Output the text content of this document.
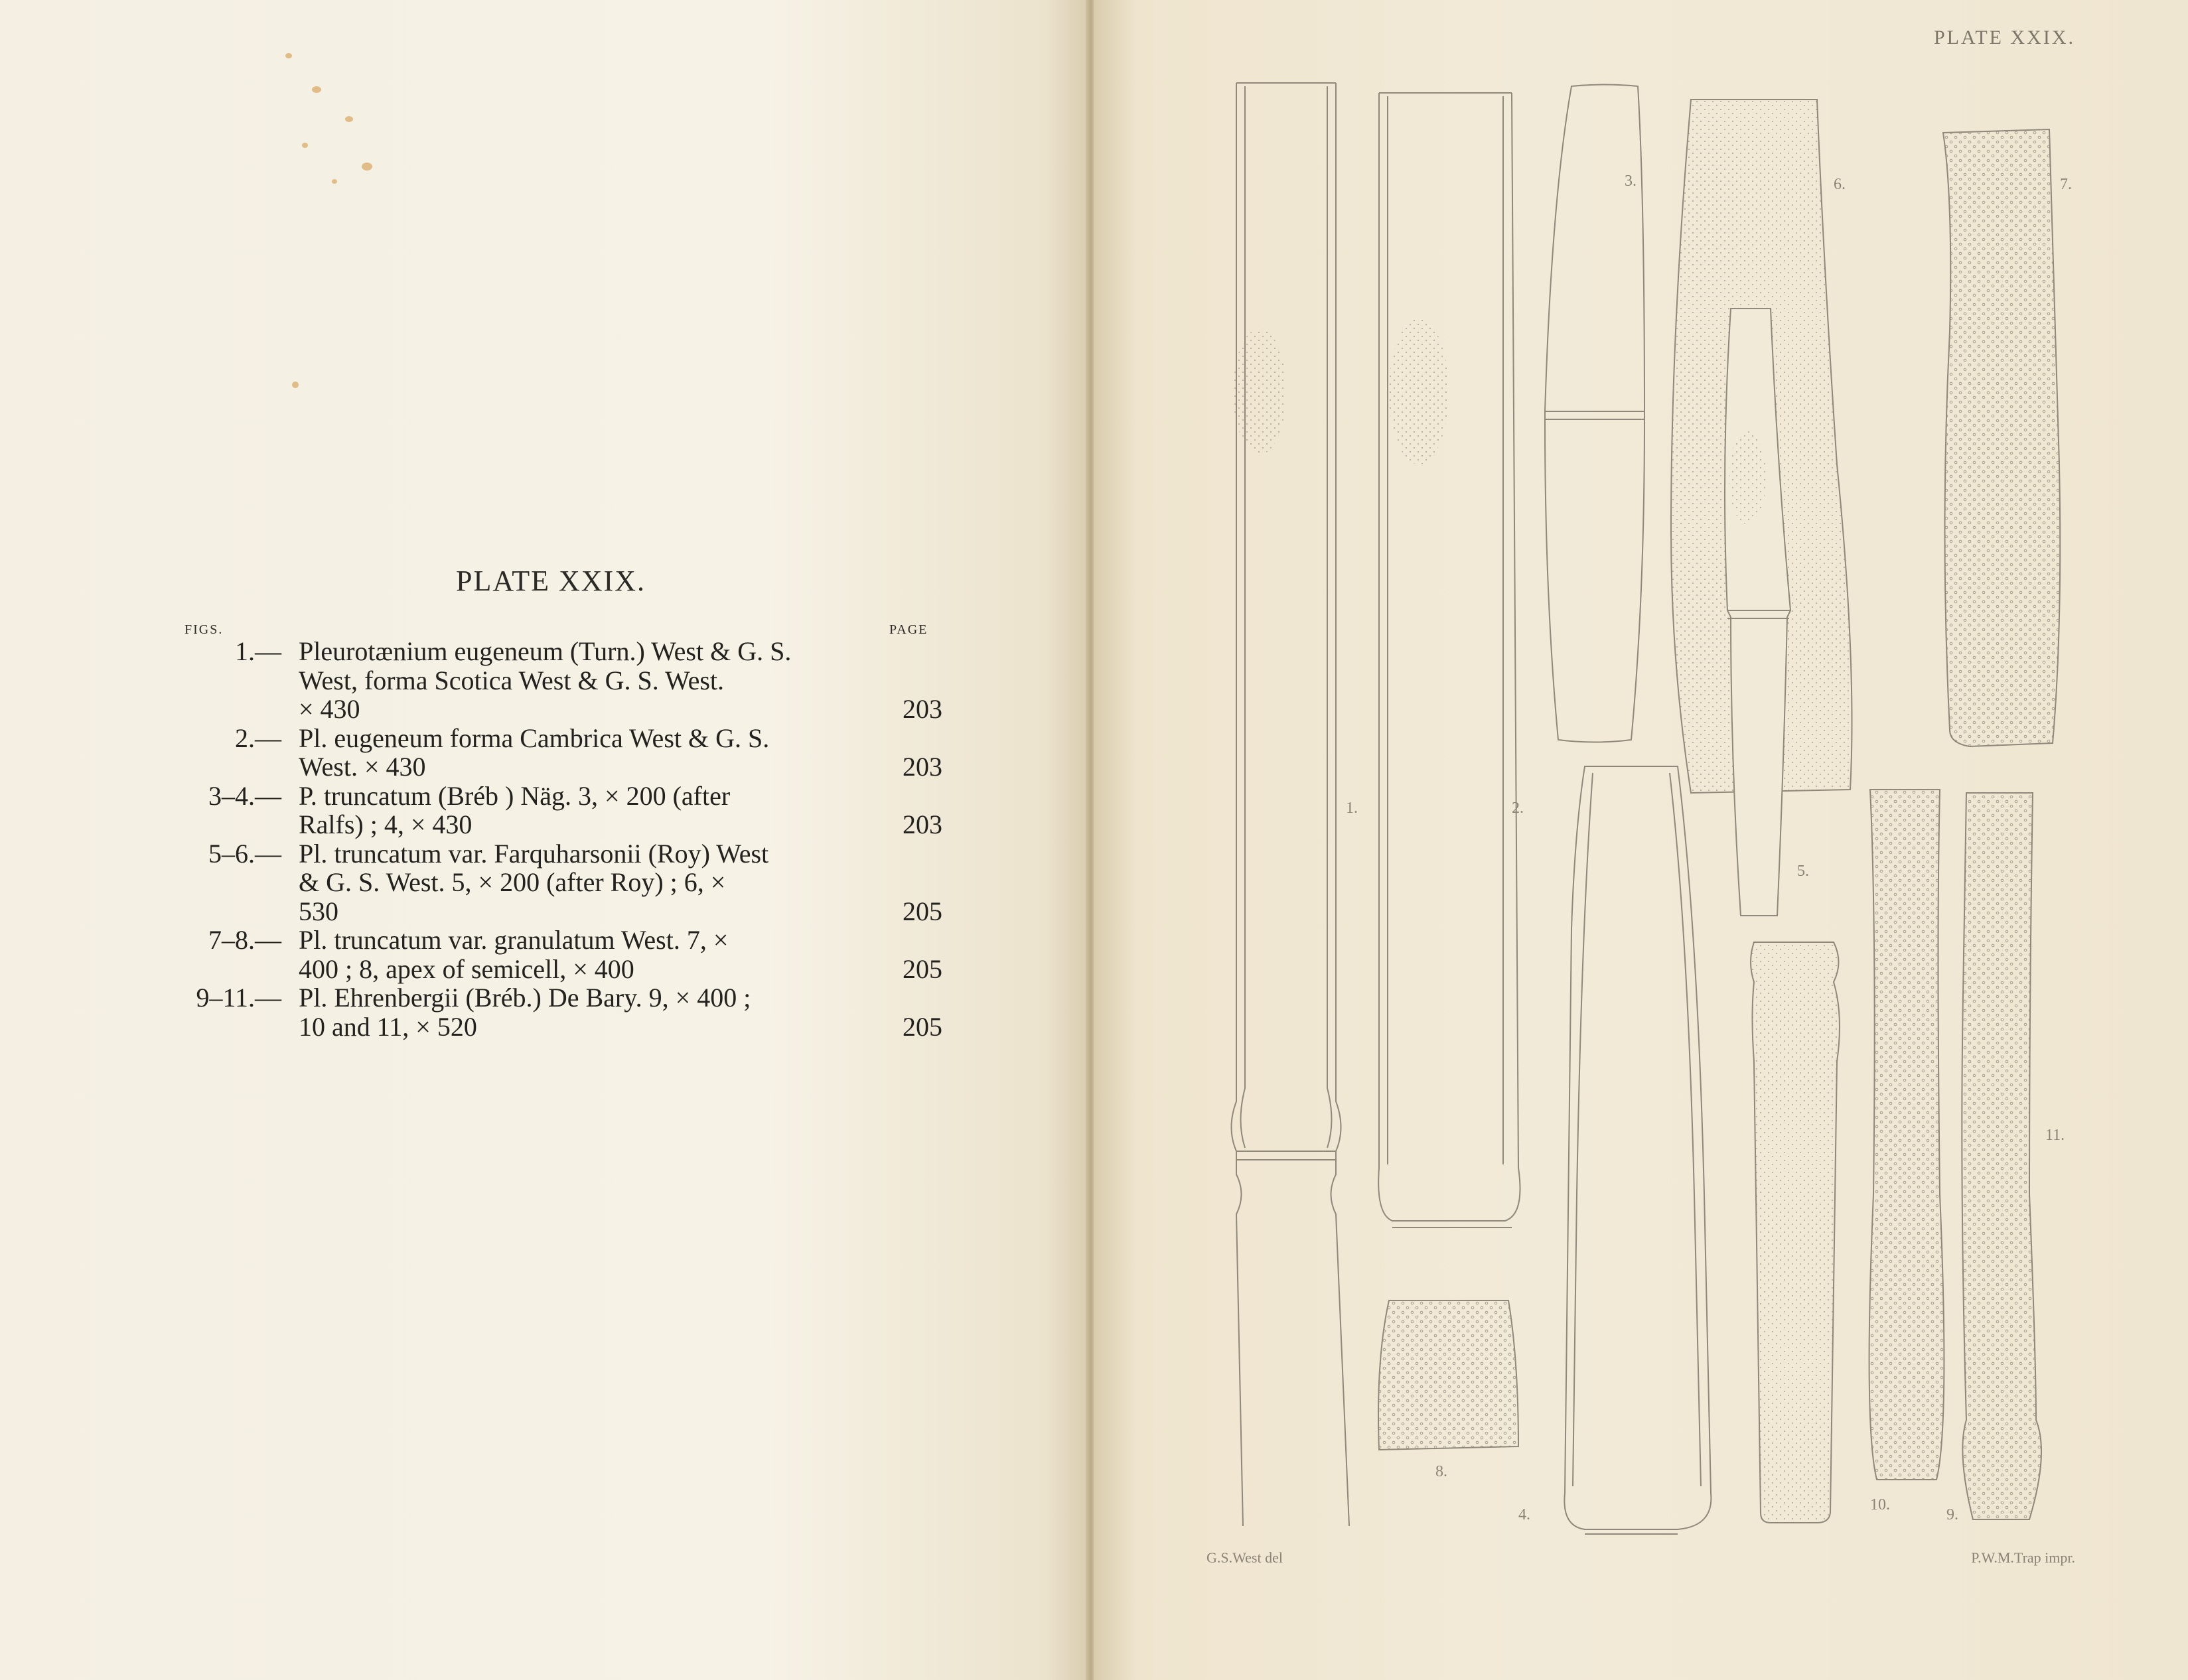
PLATE XXIX.
FIGS.	PAGE
1.— Pleurotænium eugeneum (Turn.) West & G. S.
West, forma Scotica West & G. S. West.
× 430	203
2.— Pl. eugeneum forma Cambrica West & G. S.
West. × 430	203
3–4.— P. truncatum (Bréb ) Näg. 3, × 200 (after
Ralfs) ; 4, × 430	203
5–6.— Pl. truncatum var. Farquharsonii (Roy) West
& G. S. West. 5, × 200 (after Roy) ; 6, ×
530	205
7–8.— Pl. truncatum var. granulatum West. 7, ×
400 ; 8, apex of semicell, × 400	205
9–11.— Pl. Ehrenbergii (Bréb.) De Bary. 9, × 400 ;
10 and 11, × 520	205
PLATE XXIX.
G.S.West del	P.W.M.Trap impr.
1.	2.
3.
4.
5.
6.	7.
8.
9.
10.
11.
